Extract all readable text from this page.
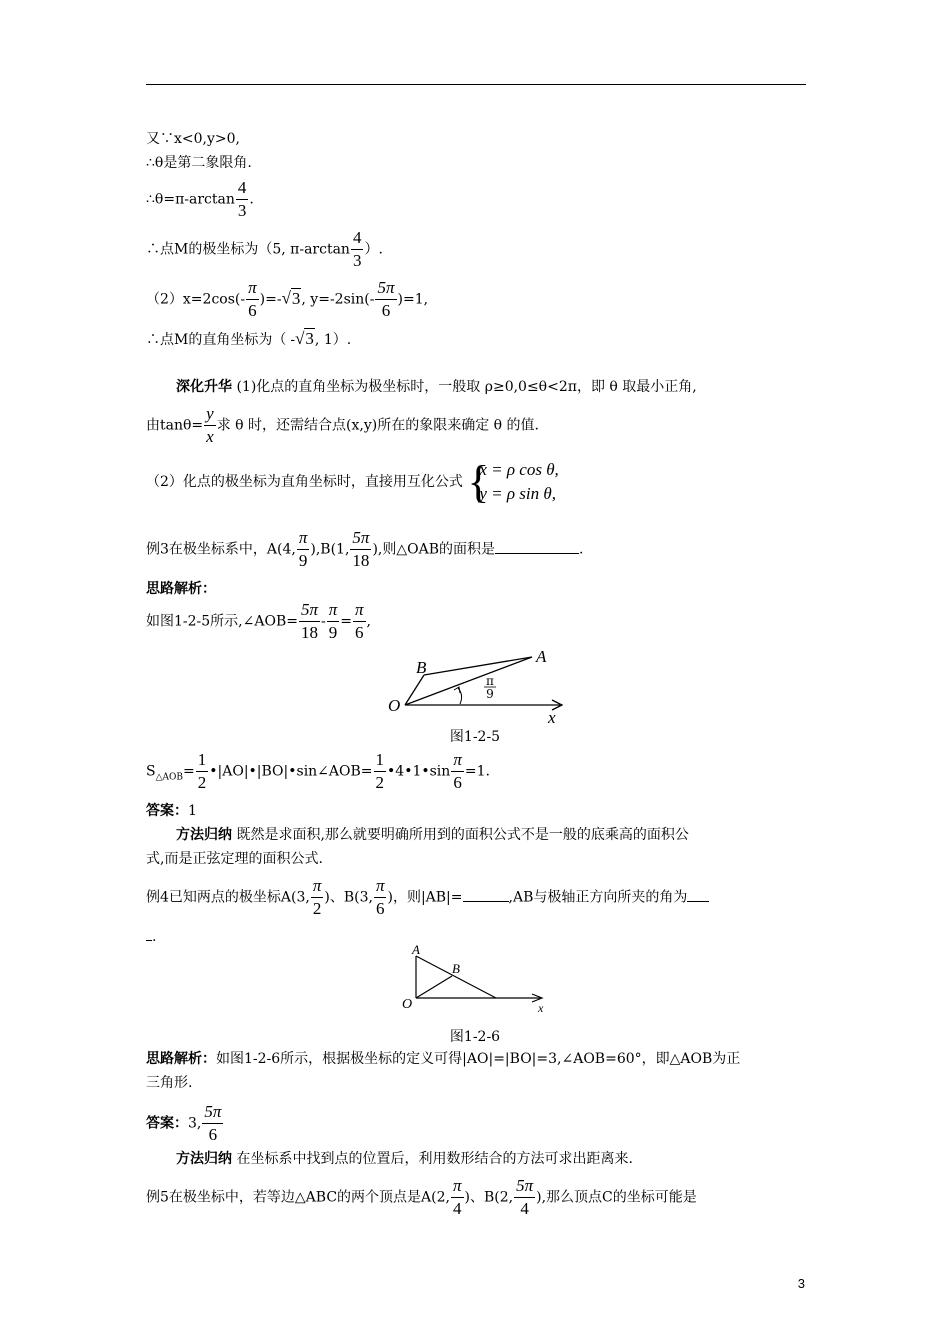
又∵x<0,y>0,
∴θ是第二象限角.
∴θ=π-arctan $\frac{4}{3}$ .
∴点M的极坐标为（5, $\pi-\arctan \frac{4}{3}$ ）.
$(2)x=2\cos(- \frac{\pi}{6} )=-√3$, $y=-2\sin(- \frac{5\pi}{6} )=1$,
∴点M的直角坐标为（ -√3, 1）.
深化升华 (1)化点的直角坐标为极坐标时，一般取 ρ≥0,0≤θ<2π，即 θ 取最小正角,
由$\tan\theta= \frac{y}{x}$ 求 θ 时，还需结合点(x,y)所在的象限来确定 θ 的值.
（2）化点的极坐标为直角坐标时，直接用互化公式 {
x = ρ cos θ,
y = ρ sin θ,
例3在极坐标系中，A(4, $\frac{\pi}{9} ),B(1$, $\frac{5\pi}{18}$ ),则△OAB的面积是	.
思路解析：
如图1-2-5所示,∠AOB= $\frac{5\pi}{18} - \frac{\pi}{9} = \frac{\pi}{6}$ ,
B
A
O
x
π
9
图1-2-5
$S_{\triangle AOB}= \frac{1}{2}$ •|AO|•|BO|•sin∠AOB= $\frac{1}{2}$ •4•1•sin $\frac{\pi}{6} =1$.
答案：1
方法归纳 既然是求面积,那么就要明确所用到的面积公式不是一般的底乘高的面积公
式,而是正弦定理的面积公式.
例4已知两点的极坐标A(3, $\frac{\pi}{2}$ )、B(3, $\frac{\pi}{6}$ )，则|AB|=	,AB与极轴正方向所夹的角为
.
A
B
O	x
图1-2-6
思路解析：如图1-2-6所示，根据极坐标的定义可得|AO|=|BO|=3,∠AOB=60°，即△AOB为正
三角形.
答案：3, $\frac{5\pi}{6}$
方法归纳 在坐标系中找到点的位置后，利用数形结合的方法可求出距离来.
例5在极坐标中，若等边△ABC的两个顶点是A(2, $\frac{\pi}{4}$ )、B(2, $\frac{5\pi}{4}$ ),那么顶点C的坐标可能是
3
